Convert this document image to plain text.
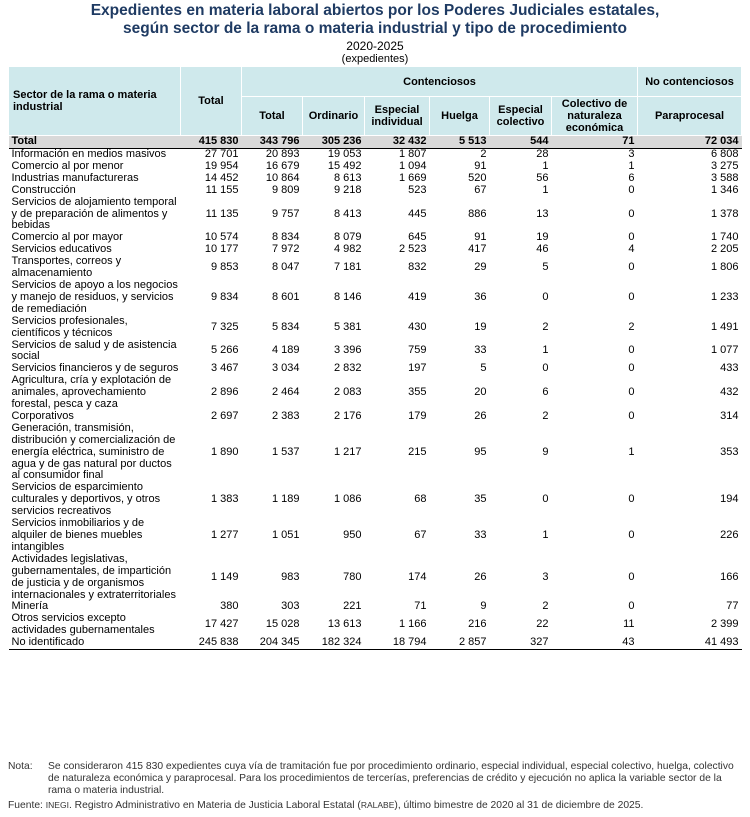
Expedientes en materia laboral abiertos por los Poderes Judiciales estatales,
según sector de la rama o materia industrial y tipo de procedimiento
2020-2025
(expedientes)
Sector de la rama o materia industrial	Total	Contenciosos						No contenciosos
		Total	Ordinario	Especial individual	Huelga	Especial colectivo	Colectivo de naturaleza económica	Paraprocesal
Total	415 830	343 796	305 236	32 432	5 513	544	71	72 034
Información en medios masivos	27 701	20 893	19 053	1 807	2	28	3	6 808
Comercio al por menor	19 954	16 679	15 492	1 094	91	1	1	3 275
Industrias manufactureras	14 452	10 864	8 613	1 669	520	56	6	3 588
Construcción	11 155	9 809	9 218	523	67	1	0	1 346
Servicios de alojamiento temporal y de preparación de alimentos y bebidas	11 135	9 757	8 413	445	886	13	0	1 378
Comercio al por mayor	10 574	8 834	8 079	645	91	19	0	1 740
Servicios educativos	10 177	7 972	4 982	2 523	417	46	4	2 205
Transportes, correos y almacenamiento	9 853	8 047	7 181	832	29	5	0	1 806
Servicios de apoyo a los negocios y manejo de residuos, y servicios de remediación	9 834	8 601	8 146	419	36	0	0	1 233
Servicios profesionales, científicos y técnicos	7 325	5 834	5 381	430	19	2	2	1 491
Servicios de salud y de asistencia social	5 266	4 189	3 396	759	33	1	0	1 077
Servicios financieros y de seguros	3 467	3 034	2 832	197	5	0	0	433
Agricultura, cría y explotación de animales, aprovechamiento forestal, pesca y caza	2 896	2 464	2 083	355	20	6	0	432
Corporativos	2 697	2 383	2 176	179	26	2	0	314
Generación, transmisión, distribución y comercialización de energía eléctrica, suministro de agua y de gas natural por ductos al consumidor final	1 890	1 537	1 217	215	95	9	1	353
Servicios de esparcimiento culturales y deportivos, y otros servicios recreativos	1 383	1 189	1 086	68	35	0	0	194
Servicios inmobiliarios y de alquiler de bienes muebles intangibles	1 277	1 051	950	67	33	1	0	226
Actividades legislativas, gubernamentales, de impartición de justicia y de organismos internacionales y extraterritoriales	1 149	983	780	174	26	3	0	166
Minería	380	303	221	71	9	2	0	77
Otros servicios excepto actividades gubernamentales	17 427	15 028	13 613	1 166	216	22	11	2 399
No identificado	245 838	204 345	182 324	18 794	2 857	327	43	41 493
Nota: Se consideraron 415 830 expedientes cuya vía de tramitación fue por procedimiento ordinario, especial individual, especial colectivo, huelga, colectivo de naturaleza económica y paraprocesal. Para los procedimientos de tercerías, preferencias de crédito y ejecución no aplica la variable sector de la rama o materia industrial.
Fuente: INEGI. Registro Administrativo en Materia de Justicia Laboral Estatal (RALABE), último bimestre de 2020 al 31 de diciembre de 2025.
